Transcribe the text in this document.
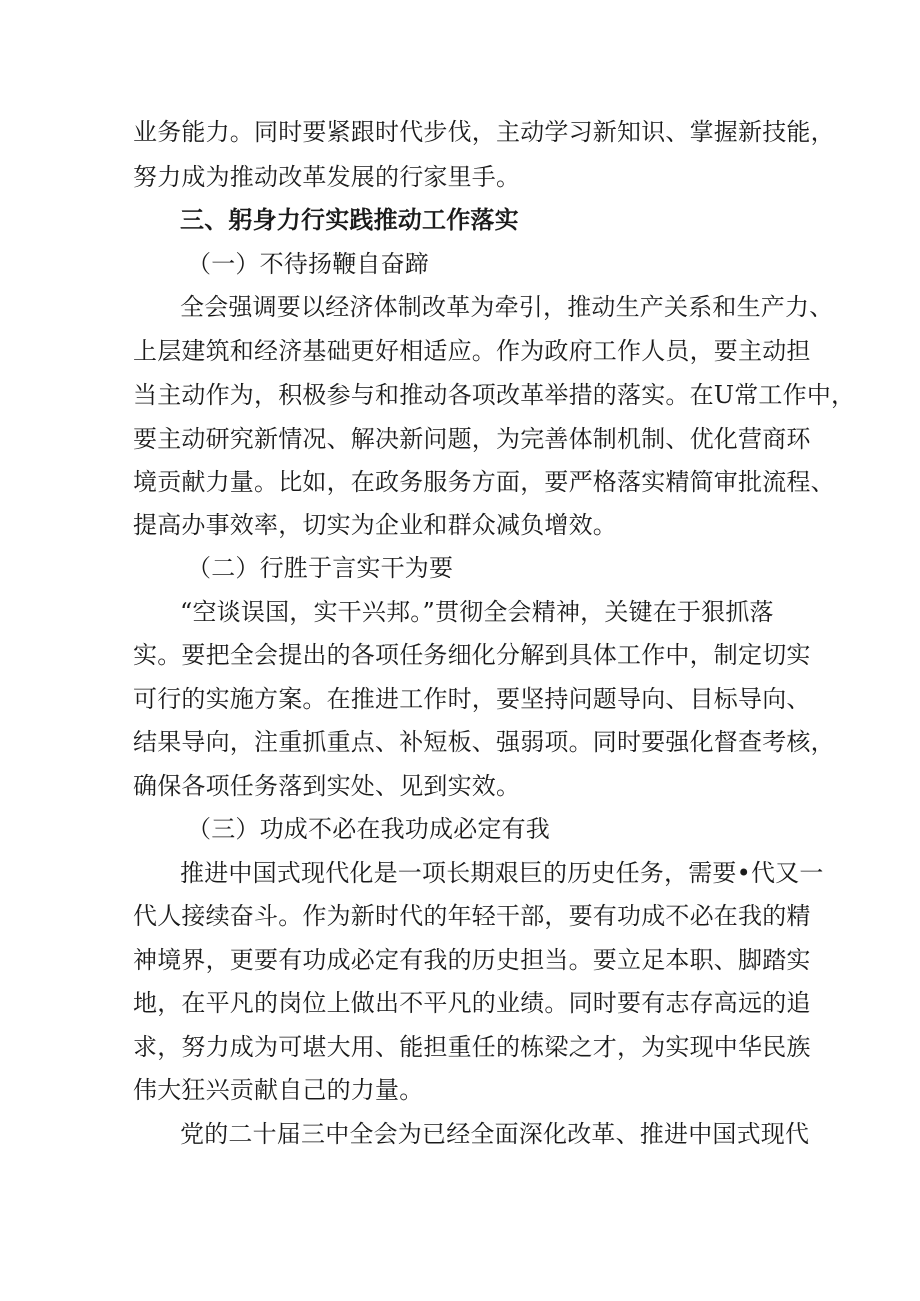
业务能力。同时要紧跟时代步伐，主动学习新知识、掌握新技能，
努力成为推动改革发展的行家里手。
三、躬身力行实践推动工作落实
（一）不待扬鞭自奋蹄
全会强调要以经济体制改革为牵引，推动生产关系和生产力、
上层建筑和经济基础更好相适应。作为政府工作人员，要主动担
当主动作为，积极参与和推动各项改革举措的落实。在U常工作中，
要主动研究新情况、解决新问题，为完善体制机制、优化营商环
境贡献力量。比如，在政务服务方面，要严格落实精简审批流程、
提高办事效率，切实为企业和群众减负增效。
（二）行胜于言实干为要
“空谈误国，实干兴邦。”贯彻全会精神，关键在于狠抓落
实。要把全会提出的各项任务细化分解到具体工作中，制定切实
可行的实施方案。在推进工作时，要坚持问题导向、目标导向、
结果导向，注重抓重点、补短板、强弱项。同时要强化督查考核，
确保各项任务落到实处、见到实效。
（三）功成不必在我功成必定有我
推进中国式现代化是一项长期艰巨的历史任务，需要•代又一
代人接续奋斗。作为新时代的年轻干部，要有功成不必在我的精
神境界，更要有功成必定有我的历史担当。要立足本职、脚踏实
地，在平凡的岗位上做出不平凡的业绩。同时要有志存高远的追
求，努力成为可堪大用、能担重任的栋梁之才，为实现中华民族
伟大狂兴贡献自己的力量。
党的二十届三中全会为已经全面深化改革、推进中国式现代
